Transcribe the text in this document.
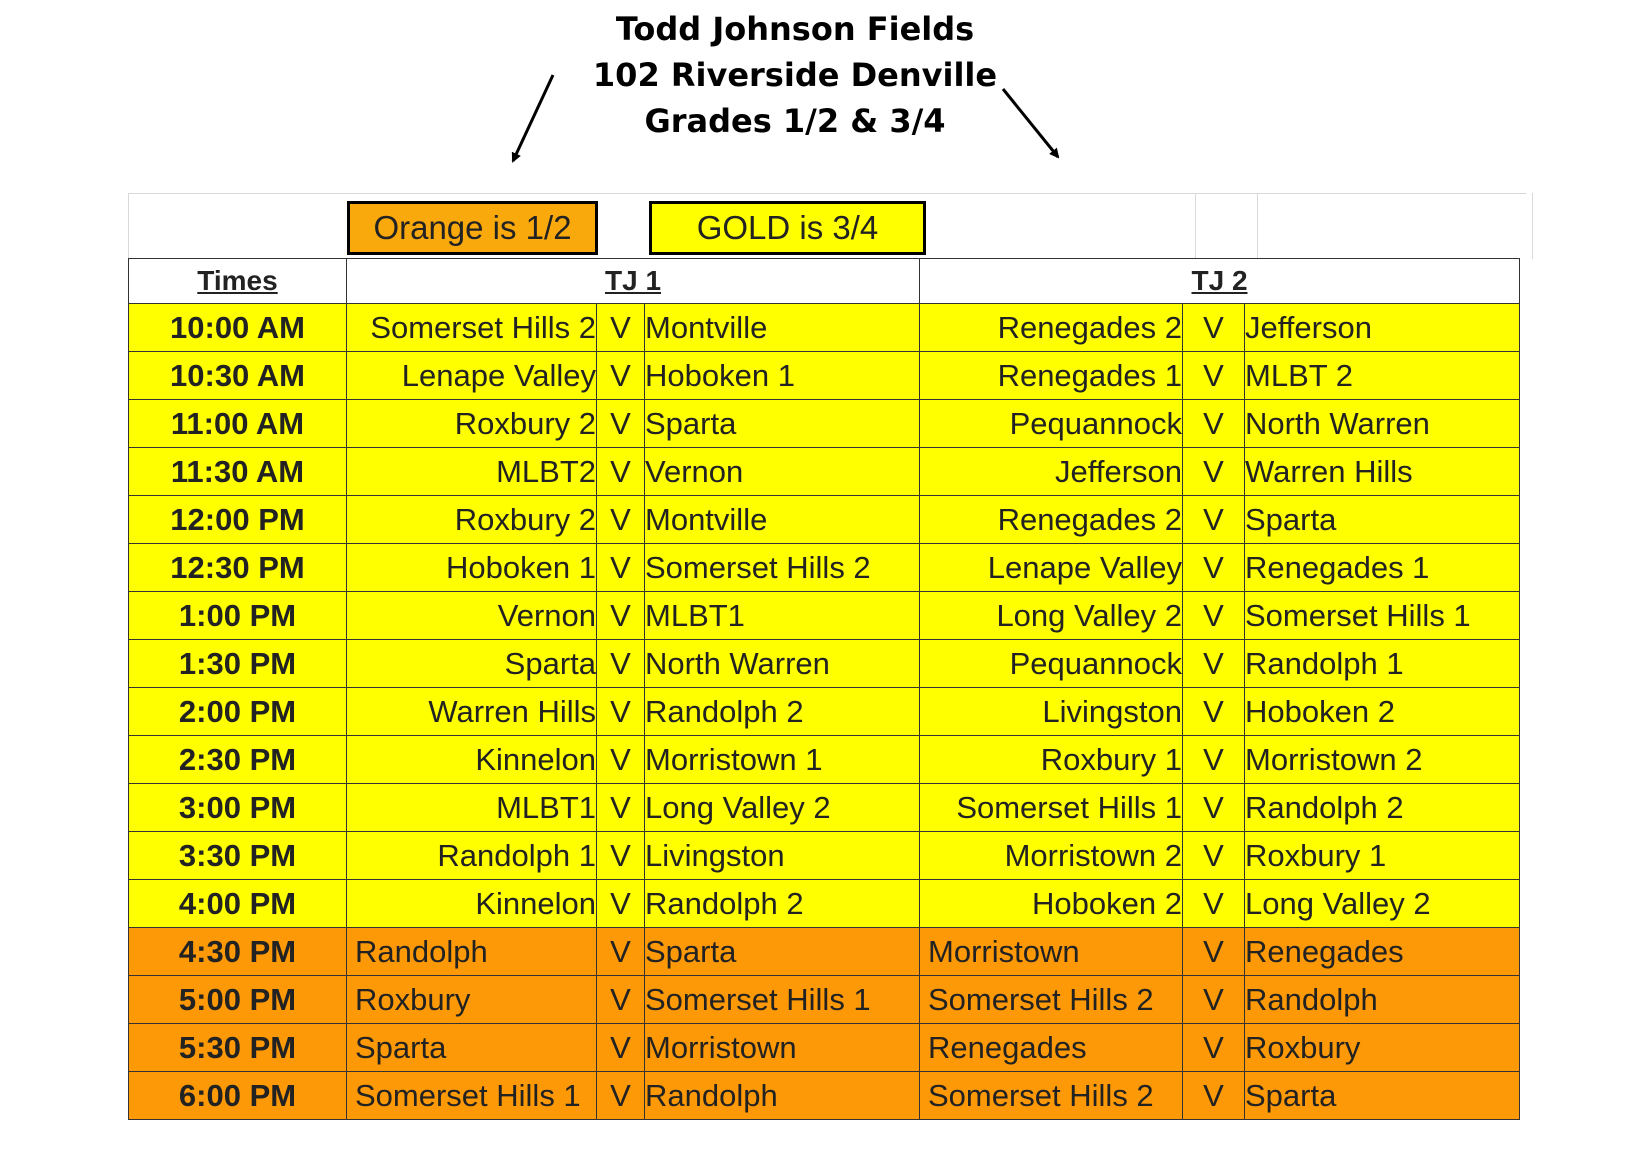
Todd Johnson Fields
102 Riverside Denville
Grades 1/2 & 3/4
Orange is 1/2	GOLD is 3/4
Times	TJ 1			TJ 2		
10:00 AM	Somerset Hills 2	V	Montville	Renegades 2	V	Jefferson
10:30 AM	Lenape Valley	V	Hoboken 1	Renegades 1	V	MLBT 2
11:00 AM	Roxbury 2	V	Sparta	Pequannock	V	North Warren
11:30 AM	MLBT2	V	Vernon	Jefferson	V	Warren Hills
12:00 PM	Roxbury 2	V	Montville	Renegades 2	V	Sparta
12:30 PM	Hoboken 1	V	Somerset Hills 2	Lenape Valley	V	Renegades 1
1:00 PM	Vernon	V	MLBT1	Long Valley 2	V	Somerset Hills 1
1:30 PM	Sparta	V	North Warren	Pequannock	V	Randolph 1
2:00 PM	Warren Hills	V	Randolph 2	Livingston	V	Hoboken 2
2:30 PM	Kinnelon	V	Morristown 1	Roxbury 1	V	Morristown 2
3:00 PM	MLBT1	V	Long Valley 2	Somerset Hills 1	V	Randolph 2
3:30 PM	Randolph 1	V	Livingston	Morristown 2	V	Roxbury 1
4:00 PM	Kinnelon	V	Randolph 2	Hoboken 2	V	Long Valley 2
4:30 PM	Randolph	V	Sparta	Morristown	V	Renegades
5:00 PM	Roxbury	V	Somerset Hills 1	Somerset Hills 2	V	Randolph
5:30 PM	Sparta	V	Morristown	Renegades	V	Roxbury
6:00 PM	Somerset Hills 1	V	Randolph	Somerset Hills 2	V	Sparta
